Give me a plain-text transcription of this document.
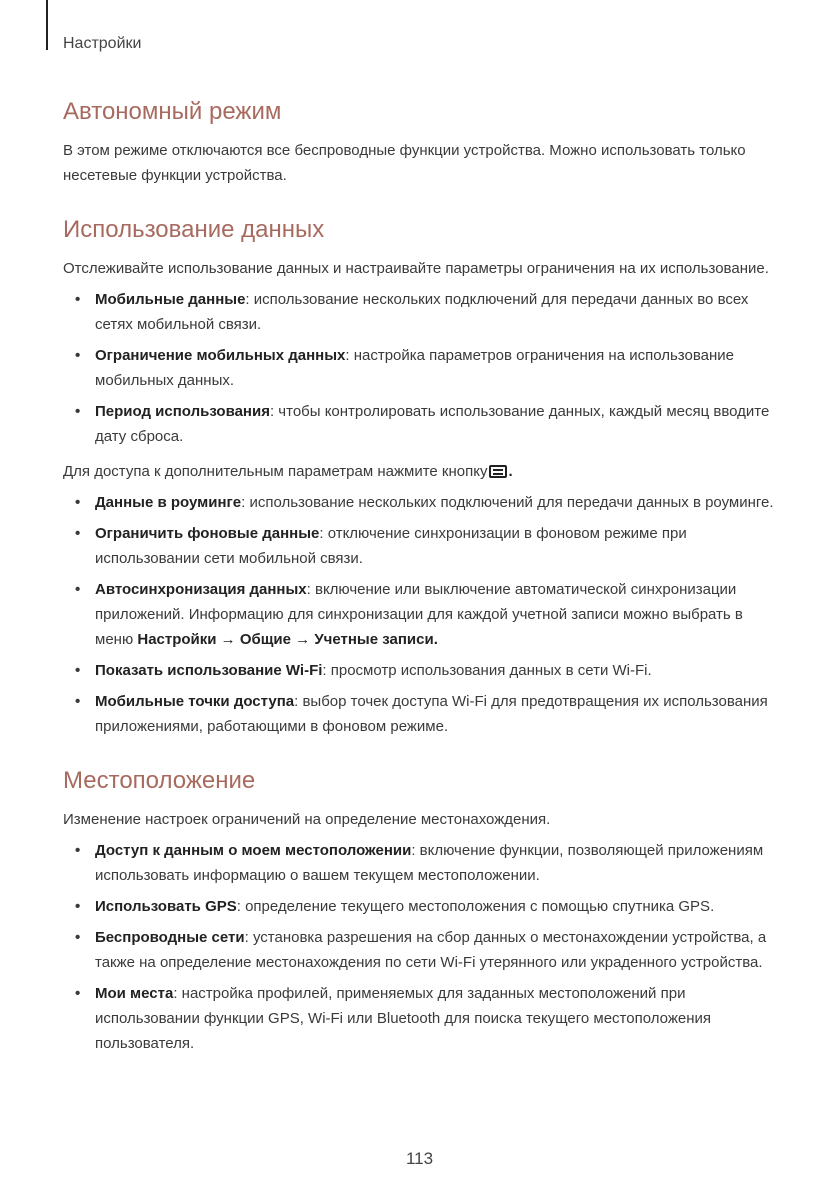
Настройки
Автономный режим

В этом режиме отключаются все беспроводные функции устройства. Можно использовать только несетевые функции устройства.

Использование данных

Отслеживайте использование данных и настраивайте параметры ограничения на их использование.

• Мобильные данные: использование нескольких подключений для передачи данных во всех сетях мобильной связи.
• Ограничение мобильных данных: настройка параметров ограничения на использование мобильных данных.
• Период использования: чтобы контролировать использование данных, каждый месяц вводите дату сброса.

Для доступа к дополнительным параметрам нажмите кнопку .

• Данные в роуминге: использование нескольких подключений для передачи данных в роуминге.
• Ограничить фоновые данные: отключение синхронизации в фоновом режиме при использовании сети мобильной связи.
• Автосинхронизация данных: включение или выключение автоматической синхронизации приложений. Информацию для синхронизации для каждой учетной записи можно выбрать в меню Настройки → Общие → Учетные записи.
• Показать использование Wi-Fi: просмотр использования данных в сети Wi-Fi.
• Мобильные точки доступа: выбор точек доступа Wi-Fi для предотвращения их использования приложениями, работающими в фоновом режиме.
Местоположение

Изменение настроек ограничений на определение местонахождения.

• Доступ к данным о моем местоположении: включение функции, позволяющей приложениям использовать информацию о вашем текущем местоположении.
• Использовать GPS: определение текущего местоположения с помощью спутника GPS.
• Беспроводные сети: установка разрешения на сбор данных о местонахождении устройства, а также на определение местонахождения по сети Wi-Fi утерянного или украденного устройства.
• Мои места: настройка профилей, применяемых для заданных местоположений при использовании функции GPS, Wi-Fi или Bluetooth для поиска текущего местоположения пользователя.
113
